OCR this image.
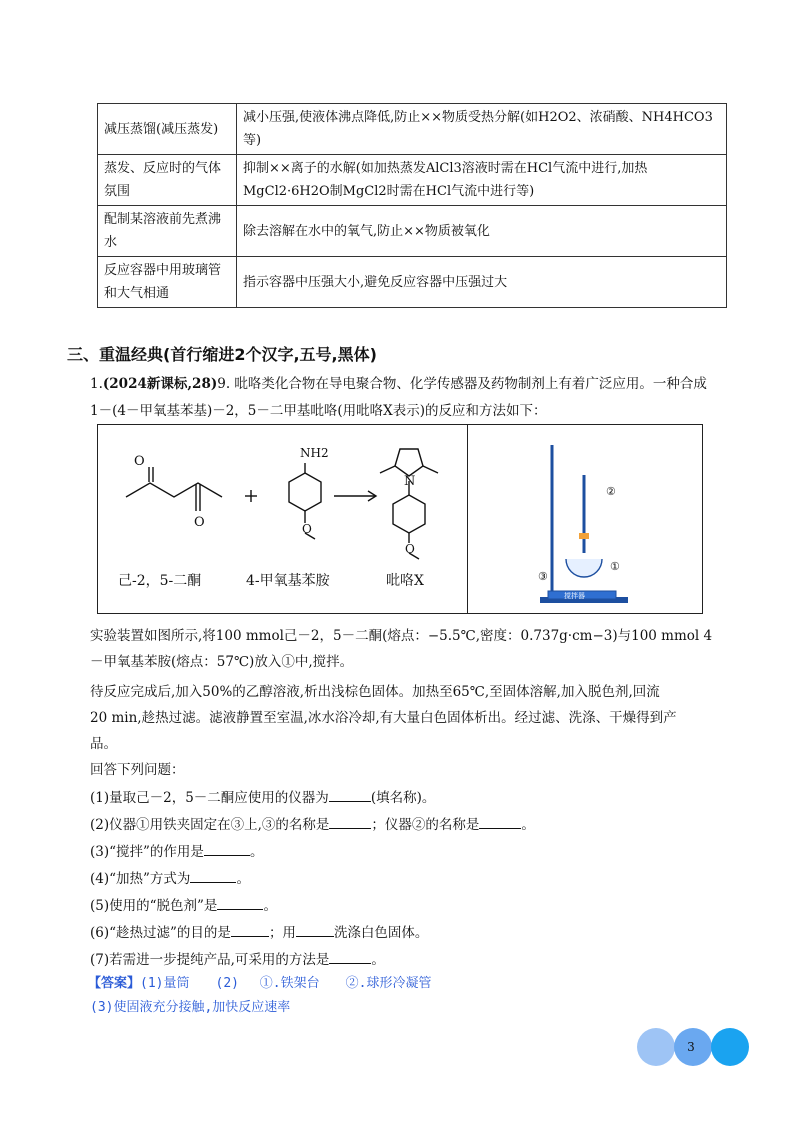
减压蒸馏(减压蒸发)	减小压强,使液体沸点降低,防止××物质受热分解(如H2O2、浓硝酸、NH4HCO3等)
蒸发、反应时的气体氛围	抑制××离子的水解(如加热蒸发AlCl3溶液时需在HCl气流中进行,加热MgCl2·6H2O制MgCl2时需在HCl气流中进行等)
配制某溶液前先煮沸水	除去溶解在水中的氧气,防止××物质被氧化
反应容器中用玻璃管和大气相通	指示容器中压强大小,避免反应容器中压强过大
三、重温经典(首行缩进2个汉字,五号,黑体)
1.(2024新课标,28)9. 吡咯类化合物在导电聚合物、化学传感器及药物制剂上有着广泛应用。一种合成
1－(4－甲氧基苯基)－2，5－二甲基吡咯(用吡咯X表示)的反应和方法如下：
O
O
NH2
O
N
O
己-2，5-二酮	4-甲氧基苯胺	吡咯X
①
②
③
搅拌器
实验装置如图所示,将100 mmol己－2，5－二酮(熔点：−5.5℃,密度：0.737g·cm−3)与100 mmol 4
－甲氧基苯胺(熔点：57℃)放入①中,搅拌。
待反应完成后,加入50%的乙醇溶液,析出浅棕色固体。加热至65℃,至固体溶解,加入脱色剂,回流
20 min,趁热过滤。滤液静置至室温,冰水浴冷却,有大量白色固体析出。经过滤、洗涤、干燥得到产
品。
回答下列问题：
(1)量取己－2，5－二酮应使用的仪器为	(填名称)。
(2)仪器①用铁夹固定在③上,③的名称是	；仪器②的名称是	。
(3)“搅拌”的作用是	。
(4)“加热”方式为	。
(5)使用的“脱色剂”是	。
(6)“趁热过滤”的目的是	；用	洗涤白色固体。
(7)若需进一步提纯产品,可采用的方法是	。
【答案】(1)量筒　　(2)　 ①.铁架台　　②.球形冷凝管
(3)使固液充分接触,加快反应速率
3
